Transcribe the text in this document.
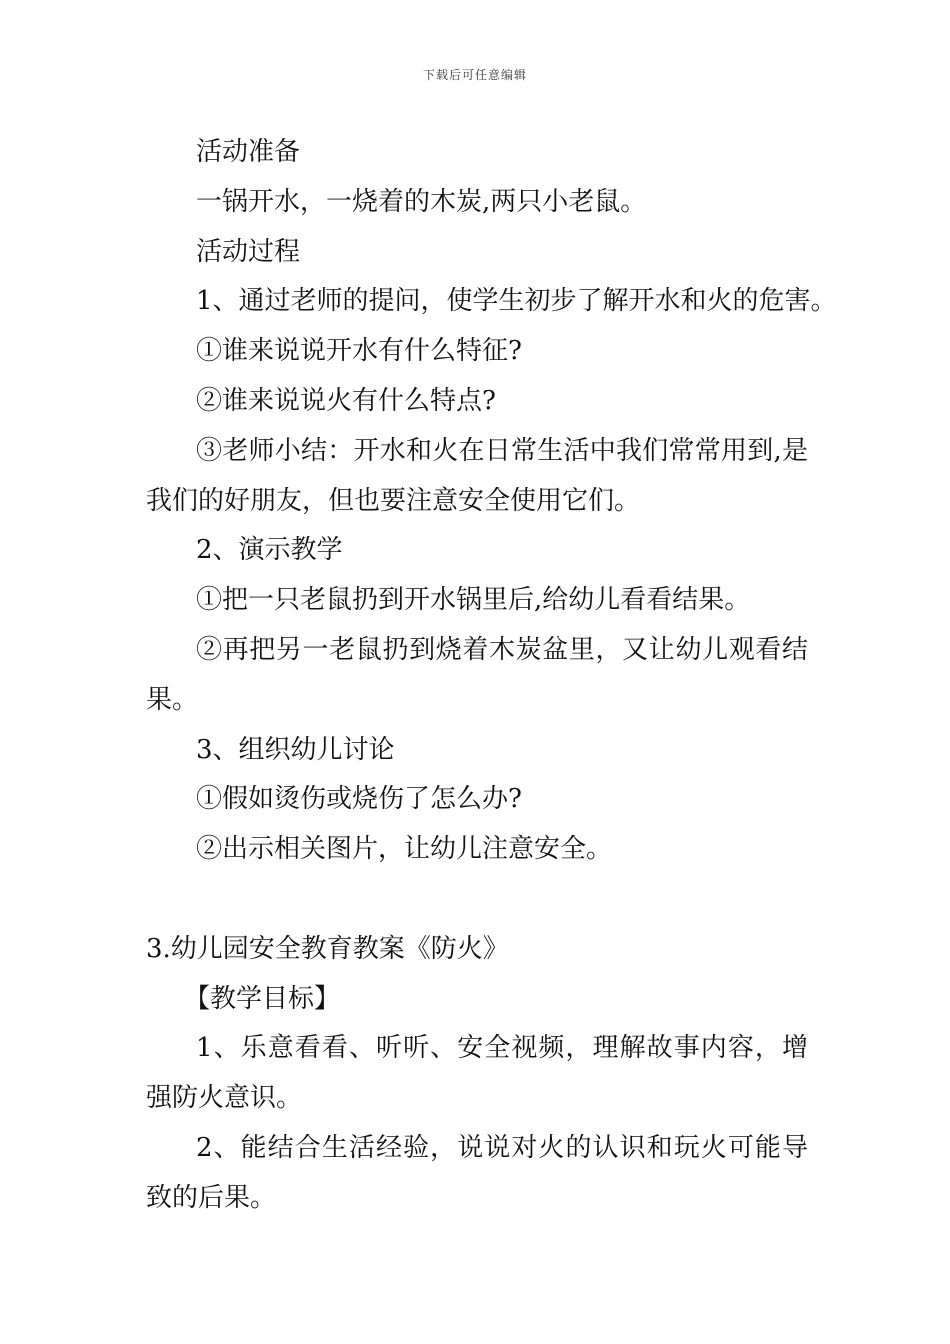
下载后可任意编辑

活动准备

一锅开水，一烧着的木炭,两只小老鼠。

活动过程

1、通过老师的提问，使学生初步了解开水和火的危害。

①谁来说说开水有什么特征?

②谁来说说火有什么特点?

③老师小结：开水和火在日常生活中我们常常用到,是我们的好朋友，但也要注意安全使用它们。

2、演示教学

①把一只老鼠扔到开水锅里后,给幼儿看看结果。

②再把另一老鼠扔到烧着木炭盆里，又让幼儿观看结果。

3、组织幼儿讨论

①假如烫伤或烧伤了怎么办?

②出示相关图片，让幼儿注意安全。

3.幼儿园安全教育教案《防火》

【教学目标】

1、乐意看看、听听、安全视频，理解故事内容，增强防火意识。

2、能结合生活经验，说说对火的认识和玩火可能导致的后果。
